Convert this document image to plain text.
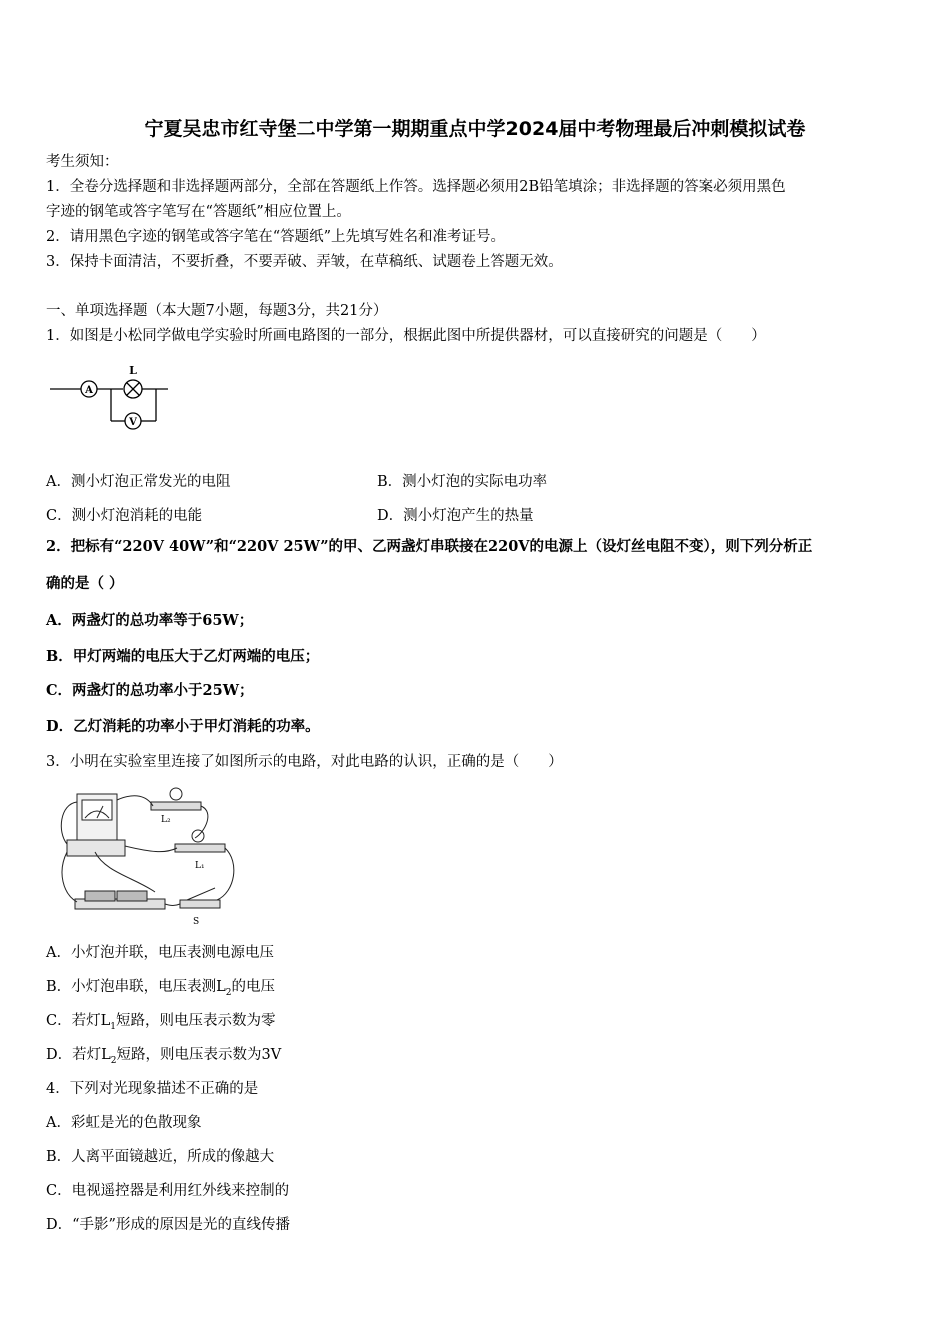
宁夏吴忠市红寺堡二中学第一期期重点中学2024届中考物理最后冲刺模拟试卷
考生须知：
1．全卷分选择题和非选择题两部分，全部在答题纸上作答。选择题必须用2B铅笔填涂；非选择题的答案必须用黑色
字迹的钢笔或答字笔写在“答题纸”相应位置上。
2．请用黑色字迹的钢笔或答字笔在“答题纸”上先填写姓名和准考证号。
3．保持卡面清洁，不要折叠，不要弄破、弄皱，在草稿纸、试题卷上答题无效。
一、单项选择题（本大题7小题，每题3分，共21分）
1．如图是小松同学做电学实验时所画电路图的一部分，根据此图中所提供器材，可以直接研究的问题是（　　）
A
L
V
A．测小灯泡正常发光的电阻	B．测小灯泡的实际电功率
C．测小灯泡消耗的电能	D．测小灯泡产生的热量
2．把标有“220V 40W”和“220V 25W”的甲、乙两盏灯串联接在220V的电源上（设灯丝电阻不变），则下列分析正
确的是（ ）
A．两盏灯的总功率等于65W；
B．甲灯两端的电压大于乙灯两端的电压；
C．两盏灯的总功率小于25W；
D．乙灯消耗的功率小于甲灯消耗的功率。
3．小明在实验室里连接了如图所示的电路，对此电路的认识，正确的是（　　）
L₂
L₁
S
A．小灯泡并联，电压表测电源电压
B．小灯泡串联，电压表测$L_2$的电压
C．若灯$L_1$短路，则电压表示数为零
D．若灯$L_2$短路，则电压表示数为3V
4．下列对光现象描述不正确的是
A．彩虹是光的色散现象
B．人离平面镜越近，所成的像越大
C．电视遥控器是利用红外线来控制的
D．“手影”形成的原因是光的直线传播
